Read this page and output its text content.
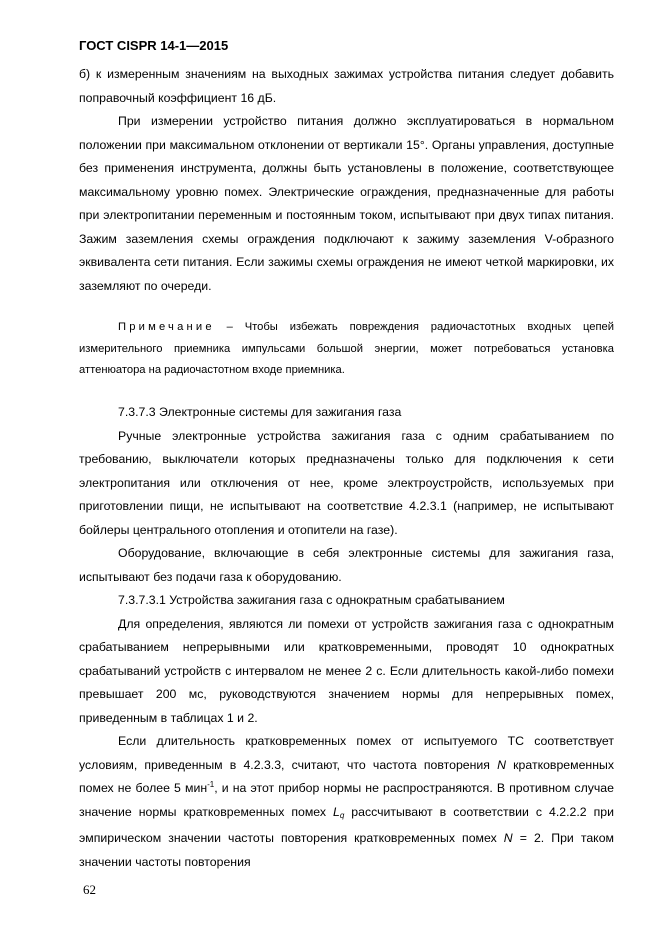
ГОСТ CISPR 14-1—2015

б) к измеренным значениям на выходных зажимах устройства питания следует добавить поправочный коэффициент 16 дБ.

При измерении устройство питания должно эксплуатироваться в нормальном положении при максимальном отклонении от вертикали 15°. Органы управления, доступные без применения инструмента, должны быть установлены в положение, соответствующее максимальному уровню помех. Электрические ограждения, предназначенные для работы при электропитании переменным и постоянным током, испытывают при двух типах питания. Зажим заземления схемы ограждения подключают к зажиму заземления V-образного эквивалента сети питания. Если зажимы схемы ограждения не имеют четкой маркировки, их заземляют по очереди.

Примечание – Чтобы избежать повреждения радиочастотных входных цепей измерительного приемника импульсами большой энергии, может потребоваться установка аттенюатора на радиочастотном входе приемника.

7.3.7.3 Электронные системы для зажигания газа

Ручные электронные устройства зажигания газа с одним срабатыванием по требованию, выключатели которых предназначены только для подключения к сети электропитания или отключения от нее, кроме электроустройств, используемых при приготовлении пищи, не испытывают на соответствие 4.2.3.1 (например, не испытывают бойлеры центрального отопления и отопители на газе).

Оборудование, включающие в себя электронные системы для зажигания газа, испытывают без подачи газа к оборудованию.

7.3.7.3.1 Устройства зажигания газа с однократным срабатыванием

Для определения, являются ли помехи от устройств зажигания газа с однократным срабатыванием непрерывными или кратковременными, проводят 10 однократных срабатываний устройств с интервалом не менее 2 с. Если длительность какой-либо помехи превышает 200 мс, руководствуются значением нормы для непрерывных помех, приведенным в таблицах 1 и 2.

Если длительность кратковременных помех от испытуемого ТС соответствует условиям, приведенным в 4.2.3.3, считают, что частота повторения N кратковременных помех не более 5 мин$^{-1}$, и на этот прибор нормы не распространяются. В противном случае значение нормы кратковременных помех $L_q$ рассчитывают в соответствии с 4.2.2.2 при эмпирическом значении частоты повторения кратковременных помех N = 2. При таком значении частоты повторения

62
